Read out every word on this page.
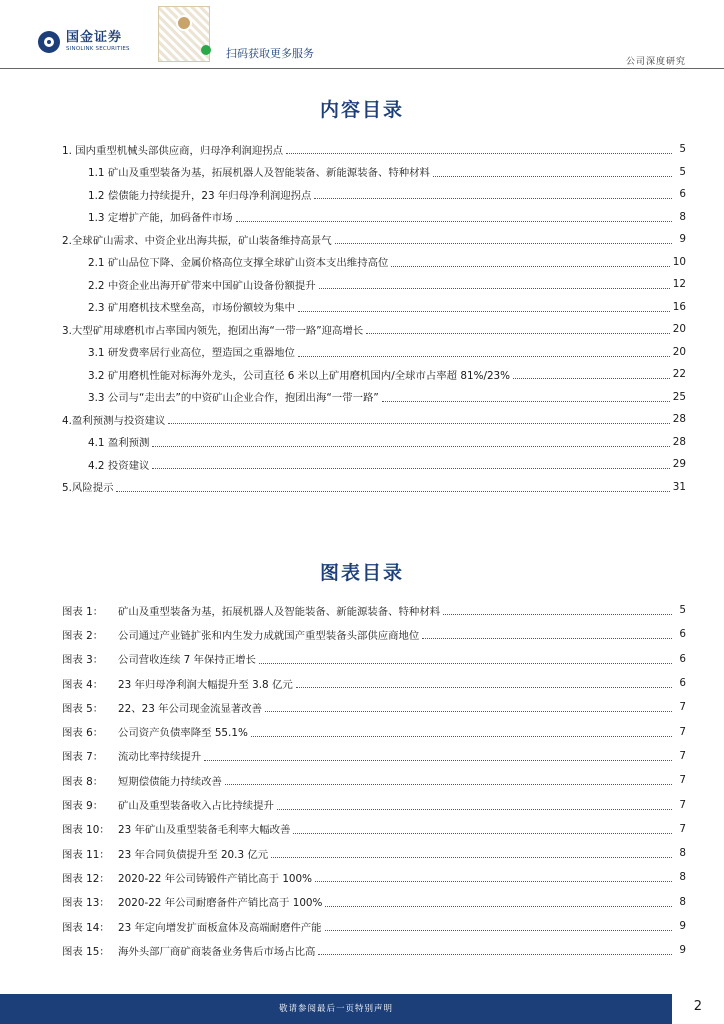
国金证券
SINOLINK SECURITIES	扫码获取更多服务
公司深度研究
内容目录
1. 国内重型机械头部供应商，归母净利润迎拐点	5
1.1 矿山及重型装备为基，拓展机器人及智能装备、新能源装备、特种材料	5
1.2 偿债能力持续提升，23 年归母净利润迎拐点	6
1.3 定增扩产能，加码备件市场	8
2.全球矿山需求、中资企业出海共振，矿山装备维持高景气	9
2.1 矿山品位下降、金属价格高位支撑全球矿山资本支出维持高位	10
2.2 中资企业出海开矿带来中国矿山设备份额提升	12
2.3 矿用磨机技术壁垒高，市场份额较为集中	16
3.大型矿用球磨机市占率国内领先，抱团出海“一带一路”迎高增长	20
3.1 研发费率居行业高位，塑造国之重器地位	20
3.2 矿用磨机性能对标海外龙头，公司直径 6 米以上矿用磨机国内/全球市占率超 81%/23%	22
3.3 公司与“走出去”的中资矿山企业合作，抱团出海“一带一路”	25
4.盈利预测与投资建议	28
4.1 盈利预测	28
4.2 投资建议	29
5.风险提示	31
图表目录
图表 1：	矿山及重型装备为基，拓展机器人及智能装备、新能源装备、特种材料	5
图表 2：	公司通过产业链扩张和内生发力成就国产重型装备头部供应商地位	6
图表 3：	公司营收连续 7 年保持正增长	6
图表 4：	23 年归母净利润大幅提升至 3.8 亿元	6
图表 5：	22、23 年公司现金流显著改善	7
图表 6：	公司资产负债率降至 55.1%	7
图表 7：	流动比率持续提升	7
图表 8：	短期偿债能力持续改善	7
图表 9：	矿山及重型装备收入占比持续提升	7
图表 10： 23 年矿山及重型装备毛利率大幅改善	7
图表 11： 23 年合同负债提升至 20.3 亿元	8
图表 12： 2020-22 年公司铸锻件产销比高于 100%	8
图表 13： 2020-22 年公司耐磨备件产销比高于 100%	8
图表 14： 23 年定向增发扩面板盒体及高端耐磨件产能	9
图表 15： 海外头部厂商矿商装备业务售后市场占比高	9
敬请参阅最后一页特别声明	2
